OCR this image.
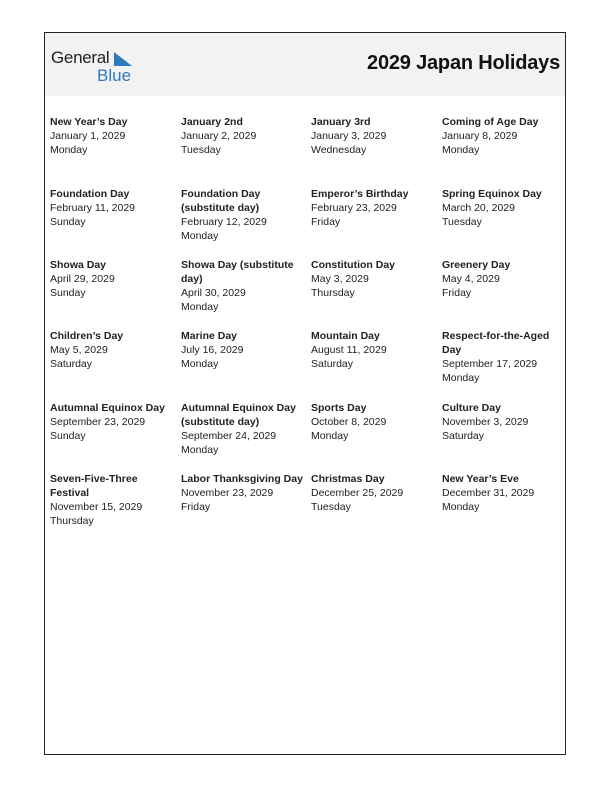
General
Blue
2029 Japan Holidays
New Year’s Day
January 1, 2029
Monday
January 2nd
January 2, 2029
Tuesday
January 3rd
January 3, 2029
Wednesday
Coming of Age Day
January 8, 2029
Monday
Foundation Day
February 11, 2029
Sunday
Foundation Day (substitute day)
February 12, 2029
Monday
Emperor’s Birthday
February 23, 2029
Friday
Spring Equinox Day
March 20, 2029
Tuesday
Showa Day
April 29, 2029
Sunday
Showa Day (substitute day)
April 30, 2029
Monday
Constitution Day
May 3, 2029
Thursday
Greenery Day
May 4, 2029
Friday
Children’s Day
May 5, 2029
Saturday
Marine Day
July 16, 2029
Monday
Mountain Day
August 11, 2029
Saturday
Respect-for-the-Aged Day
September 17, 2029
Monday
Autumnal Equinox Day
September 23, 2029
Sunday
Autumnal Equinox Day (substitute day)
September 24, 2029
Monday
Sports Day
October 8, 2029
Monday
Culture Day
November 3, 2029
Saturday
Seven-Five-Three Festival
November 15, 2029
Thursday
Labor Thanksgiving Day
November 23, 2029
Friday
Christmas Day
December 25, 2029
Tuesday
New Year’s Eve
December 31, 2029
Monday
